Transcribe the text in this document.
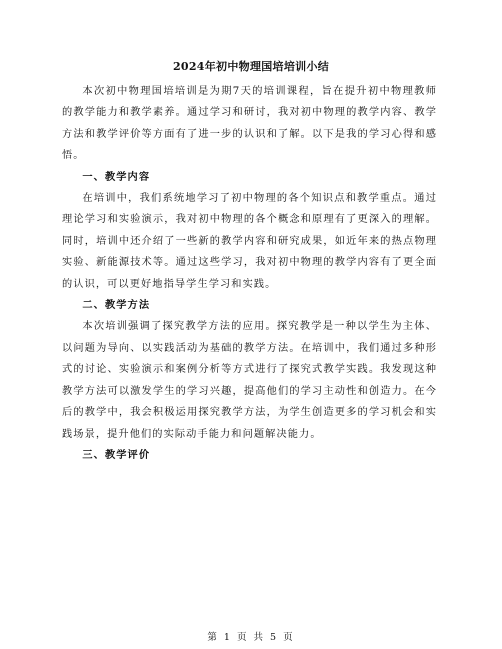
2024年初中物理国培培训小结

本次初中物理国培培训是为期7天的培训课程，旨在提升初中物理教师的教学能力和教学素养。通过学习和研讨，我对初中物理的教学内容、教学方法和教学评价等方面有了进一步的认识和了解。以下是我的学习心得和感悟。

一、教学内容

在培训中，我们系统地学习了初中物理的各个知识点和教学重点。通过理论学习和实验演示，我对初中物理的各个概念和原理有了更深入的理解。同时，培训中还介绍了一些新的教学内容和研究成果，如近年来的热点物理实验、新能源技术等。通过这些学习，我对初中物理的教学内容有了更全面的认识，可以更好地指导学生学习和实践。

二、教学方法

本次培训强调了探究教学方法的应用。探究教学是一种以学生为主体、以问题为导向、以实践活动为基础的教学方法。在培训中，我们通过多种形式的讨论、实验演示和案例分析等方式进行了探究式教学实践。我发现这种教学方法可以激发学生的学习兴趣，提高他们的学习主动性和创造力。在今后的教学中，我会积极运用探究教学方法，为学生创造更多的学习机会和实践场景，提升他们的实际动手能力和问题解决能力。

三、教学评价

第 1 页 共 5 页
